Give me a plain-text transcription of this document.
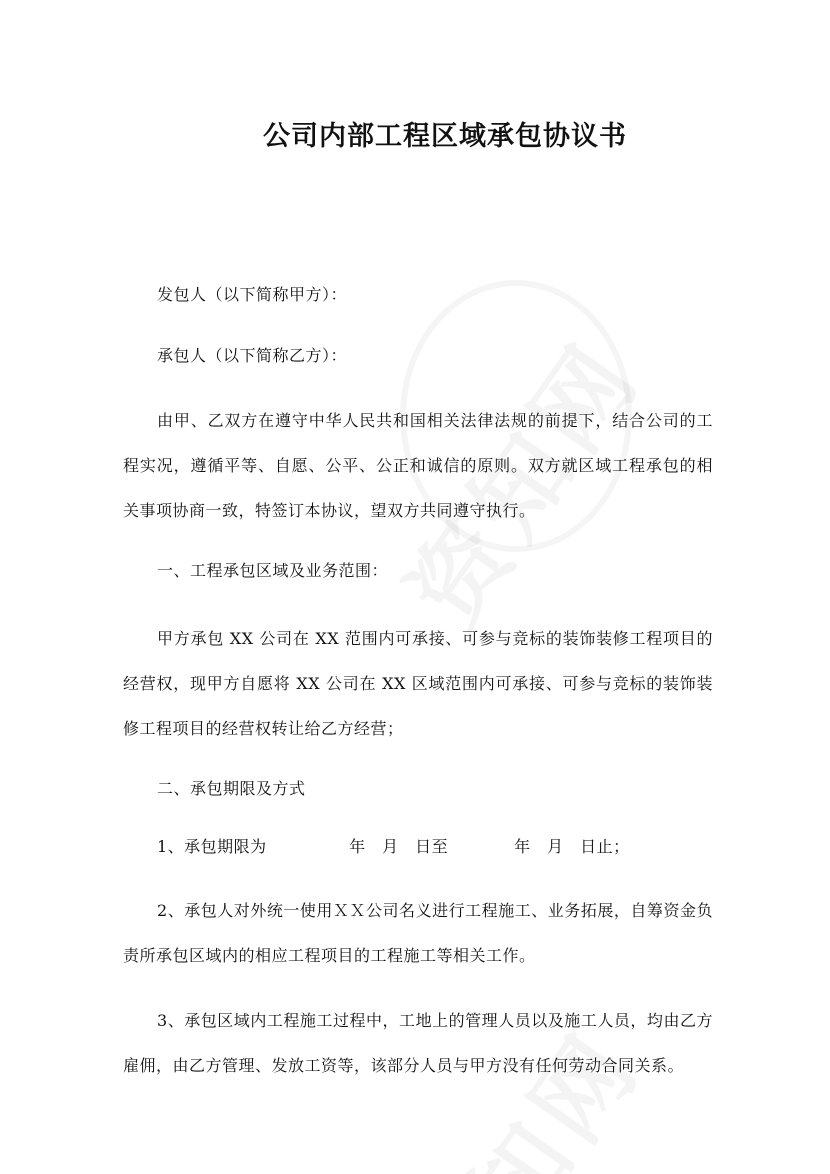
公司内部工程区域承包协议书
发包人（以下简称甲方）：
承包人（以下简称乙方）：
由甲、乙双方在遵守中华人民共和国相关法律法规的前提下，结合公司的工程实况，遵循平等、自愿、公平、公正和诚信的原则。双方就区域工程承包的相关事项协商一致，特签订本协议，望双方共同遵守执行。
一、工程承包区域及业务范围：
甲方承包 XX 公司在 XX 范围内可承接、可参与竞标的装饰装修工程项目的经营权，现甲方自愿将 XX 公司在 XX 区域范围内可承接、可参与竞标的装饰装修工程项目的经营权转让给乙方经营；
二、承包期限及方式
1、承包期限为　　　　　年　月　日至　　　　年　月　日止；
2、承包人对外统一使用ＸＸ公司名义进行工程施工、业务拓展，自筹资金负责所承包区域内的相应工程项目的工程施工等相关工作。
3、承包区域内工程施工过程中，工地上的管理人员以及施工人员，均由乙方雇佣，由乙方管理、发放工资等，该部分人员与甲方没有任何劳动合同关系。
